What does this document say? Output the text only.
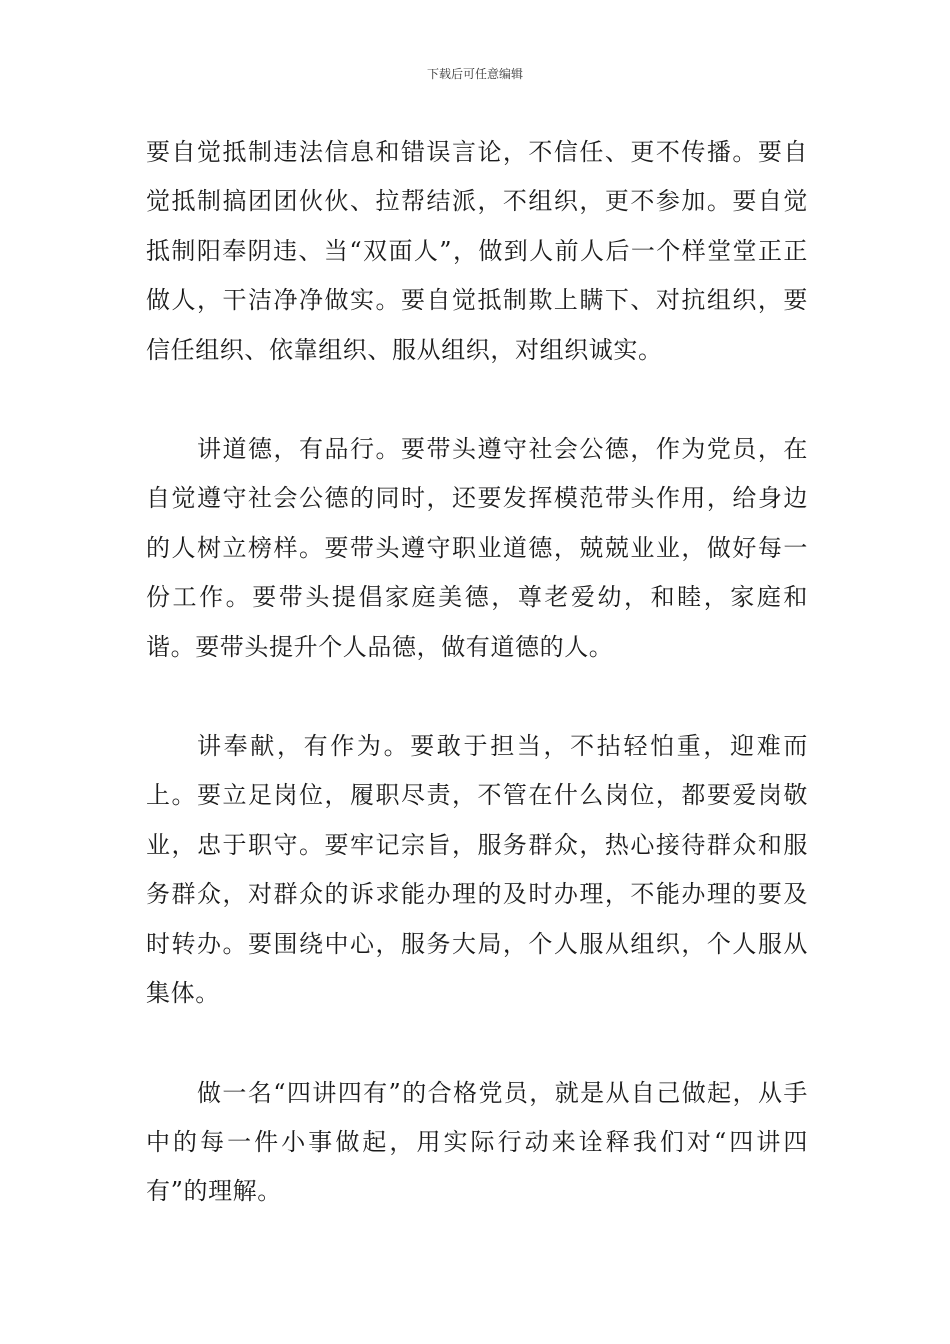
下载后可任意编辑

要自觉抵制违法信息和错误言论，不信任、更不传播。要自觉抵制搞团团伙伙、拉帮结派，不组织，更不参加。要自觉抵制阳奉阴违、当“双面人”，做到人前人后一个样堂堂正正做人，干洁净净做实。要自觉抵制欺上瞒下、对抗组织，要信任组织、依靠组织、服从组织，对组织诚实。

讲道德，有品行。要带头遵守社会公德，作为党员，在自觉遵守社会公德的同时，还要发挥模范带头作用，给身边的人树立榜样。要带头遵守职业道德，兢兢业业，做好每一份工作。要带头提倡家庭美德，尊老爱幼，和睦，家庭和谐。要带头提升个人品德，做有道德的人。

讲奉献，有作为。要敢于担当，不拈轻怕重，迎难而上。要立足岗位，履职尽责，不管在什么岗位，都要爱岗敬业，忠于职守。要牢记宗旨，服务群众，热心接待群众和服务群众，对群众的诉求能办理的及时办理，不能办理的要及时转办。要围绕中心，服务大局，个人服从组织，个人服从集体。

做一名“四讲四有”的合格党员，就是从自己做起，从手中的每一件小事做起，用实际行动来诠释我们对“四讲四有”的理解。
